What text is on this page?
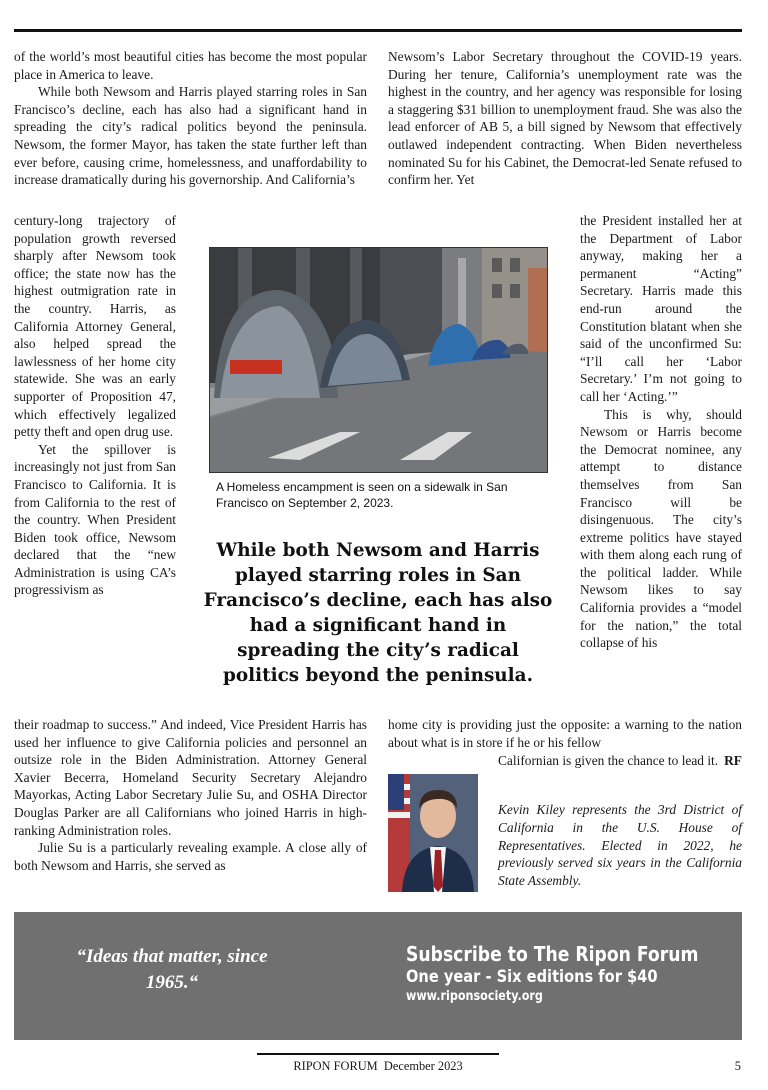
of the world’s most beautiful cities has become the most popular place in America to leave.

While both Newsom and Harris played starring roles in San Francisco’s decline, each has also had a significant hand in spreading the city’s radical politics beyond the peninsula. Newsom, the former Mayor, has taken the state further left than ever before, causing crime, homelessness, and unaffordability to increase dramatically during his governorship. And California’s

century-long trajectory of population growth reversed sharply after Newsom took office; the state now has the highest outmigration rate in the country. Harris, as California Attorney General, also helped spread the lawlessness of her home city statewide. She was an early supporter of Proposition 47, which effectively legalized petty theft and open drug use.

Yet the spillover is increasingly not just from San Francisco to California. It is from California to the rest of the country. When President Biden took office, Newsom declared that the “new Administration is using CA’s progressivism as

their roadmap to success.” And indeed, Vice President Harris has used her influence to give California policies and personnel an outsize role in the Biden Administration. Attorney General Xavier Becerra, Homeland Security Secretary Alejandro Mayorkas, Acting Labor Secretary Julie Su, and OSHA Director Douglas Parker are all Californians who joined Harris in high-ranking Administration roles.

Julie Su is a particularly revealing example. A close ally of both Newsom and Harris, she served as

Newsom’s Labor Secretary throughout the COVID-19 years. During her tenure, California’s unemployment rate was the highest in the country, and her agency was responsible for losing a staggering $31 billion to unemployment fraud. She was also the lead enforcer of AB 5, a bill signed by Newsom that effectively outlawed independent contracting. When Biden nevertheless nominated Su for his Cabinet, the Democrat-led Senate refused to confirm her. Yet

the President installed her at the Department of Labor anyway, making her a permanent “Acting” Secretary. Harris made this end-run around the Constitution blatant when she said of the unconfirmed Su: “I’ll call her ‘Labor Secretary.’ I’m not going to call her ‘Acting.’”

This is why, should Newsom or Harris become the Democrat nominee, any attempt to distance themselves from San Francisco will be disingenuous. The city’s extreme politics have stayed with them along each rung of the political ladder. While Newsom likes to say California provides a “model for the nation,” the total collapse of his

home city is providing just the opposite: a warning to the nation about what is in store if he or his fellow

Californian is given the chance to lead it. RF

A Homeless encampment is seen on a sidewalk in San Francisco on September 2, 2023.
While both Newsom and Harris played starring roles in San Francisco’s decline, each has also had a significant hand in spreading the city’s radical politics beyond the peninsula.
Kevin Kiley represents the 3rd District of California in the U.S. House of Representatives. Elected in 2022, he previously served six years in the California State Assembly.
“Ideas that matter, since 1965.“
Subscribe to The Ripon Forum
One year - Six editions for $40
www.riponsociety.org
RIPON FORUM  December 2023	5
